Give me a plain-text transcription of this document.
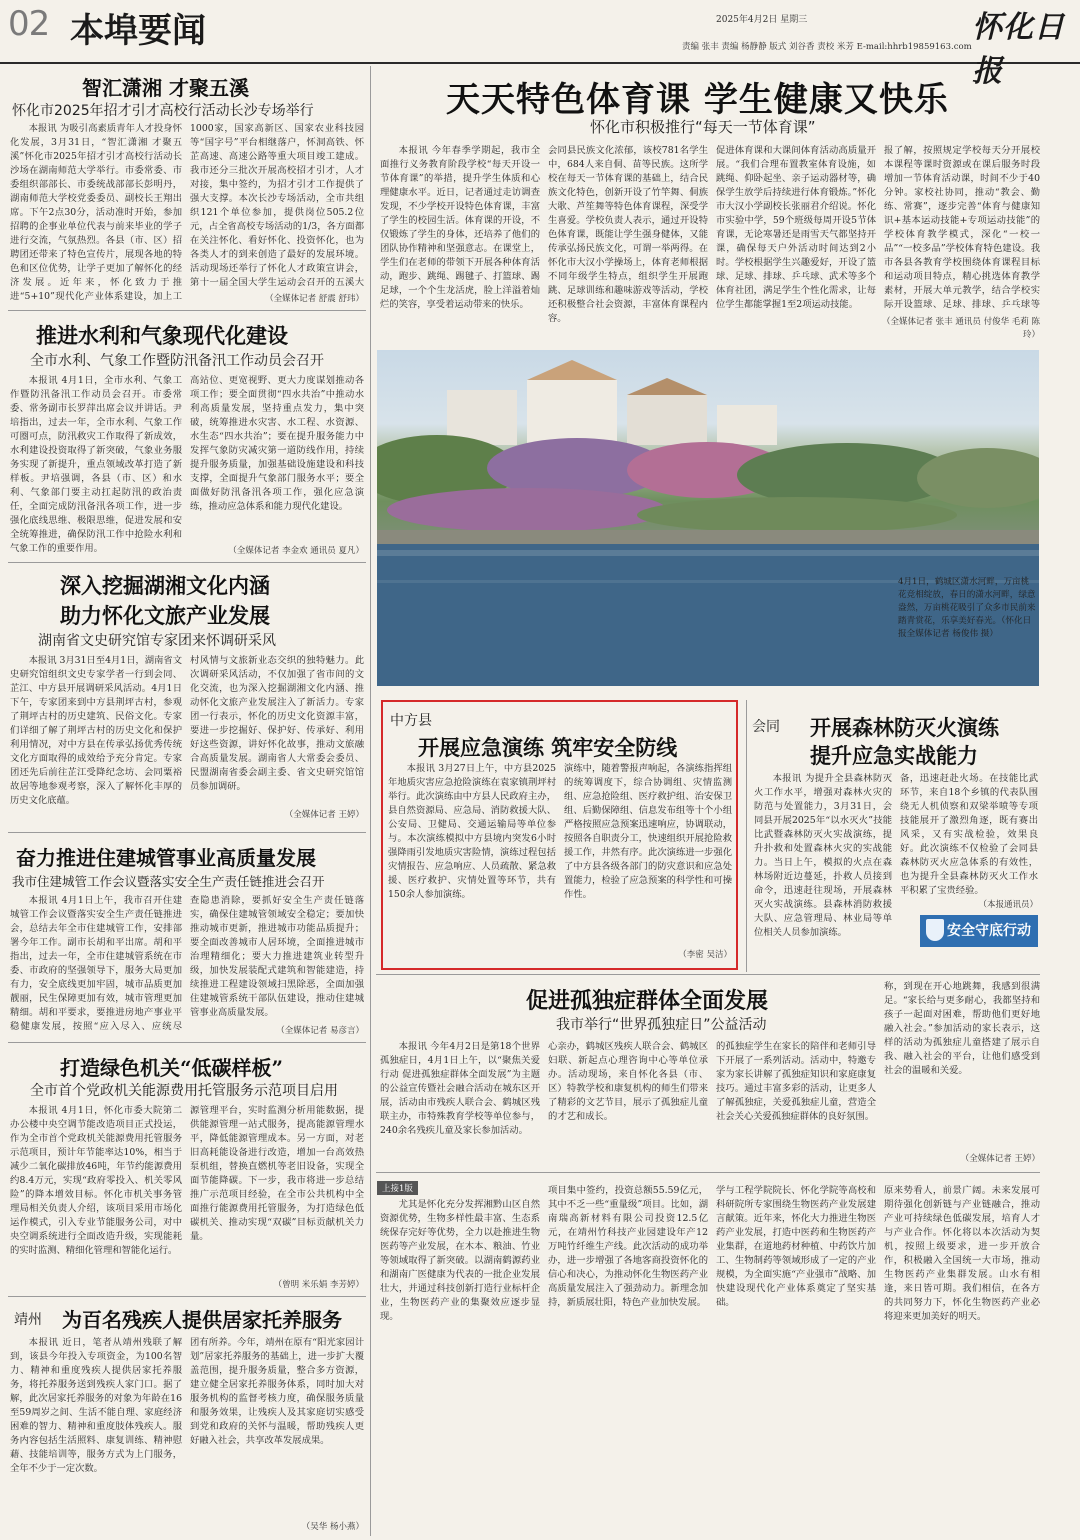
02 本埠要闻	2025年4月2日 星期三
责编 张丰 责编 杨静静 版式 刘谷香 责校 米芳 E-mail:hhrb19859163.com
怀化日报
智汇潇湘 才聚五溪
怀化市2025年招才引才高校行活动长沙专场举行

本报讯 为吸引高素质青年人才投身怀化发展，3月31日，“智汇潇湘 才聚五溪”怀化市2025年招才引才高校行活动长沙场在湖南师范大学举行。市委常委、市委组织部部长、市委统战部部长彭明丹，湖南师范大学校党委委员、副校长王翔出席。下午2点30分，活动准时开始，参加招聘的企事业单位代表与前来毕业的学子进行交流，气氛热烈。各县（市、区）招聘团还带来了特色宣传片，展现各地的特色和区位优势，让学子更加了解怀化的经济发展。近年来，怀化致力于推进“5+10”现代化产业体系建设，加上工

1000家，国家高新区、国家农业科技园等“国字号”平台相继落户，怀洞高铁、怀芷高速、高速公路等重大项目竣工建成。我市还分三批次开展高校招才引才，人才对接，集中签约，为招才引才工作提供了强大支撑。本次长沙专场活动，全市共组织121个单位参加，提供岗位505.2位元，占全省高校专场活动的1/3，各方面都在关注怀化、看好怀化、投资怀化，也为各类人才的到来创造了最好的发展环境。活动现场还举行了怀化人才政策宣讲会，第十一届全国大学生运动会召开的五溪大

（全媒体记者 舒震 舒玮）
推进水利和气象现代化建设
全市水利、气象工作暨防汛备汛工作动员会召开

本报讯 4月1日，全市水利、气象工作暨防汛备汛工作动员会召开。市委常委、常务副市长罗萍出席会议并讲话。尹培指出，过去一年，全市水利、气象工作可圈可点，防汛救灾工作取得了新成效，水利建设投资取得了新突破，气象业务服务实现了新提升，重点领域改革打造了新样板。尹培强调，各县（市、区）和水利、气象部门要主动扛起防汛的政治责任，全面完成防汛备汛各项工作，进一步强化底线思维、极限思维，促进发展和安全统筹推进，确保防汛工作中抢险水利和气象工作的重要作用。

高站位、更宽视野、更大力度谋划推动各项工作；要全面贯彻“四水共治”中推动水利高质量发展，坚持重点发力，集中突破，统筹推进水灾害、水工程、水资源、水生态“四水共治”；要在提升服务能力中发挥气象防灾减灾第一道防线作用，持续提升服务质量，加强基础设施建设和科技支撑，全面提升气象部门服务水平；要全面做好防汛备汛各项工作，强化应急演练，推动应急体系和能力现代化建设。

（全媒体记者 李金欢 通讯员 夏凡）
深入挖掘湖湘文化内涵
助力怀化文旅产业发展
湖南省文史研究馆专家团来怀调研采风

本报讯 3月31日至4月1日，湖南省文史研究馆组织文史专家学者一行到会同、芷江、中方县开展调研采风活动。4月1日下午，专家团来到中方县荆坪古村，参观了荆坪古村的历史建筑、民俗文化。专家们详细了解了荆坪古村的历史文化和保护利用情况，对中方县在传承弘扬优秀传统文化方面取得的成效给予充分肯定。专家团还先后前往芷江受降纪念坊、会同粟裕故居等地参观考察，深入了解怀化丰厚的历史文化底蕴。

村风情与文旅新业态交织的独特魅力。此次调研采风活动，不仅加强了省市间的文化交流，也为深入挖掘湖湘文化内涵、推动怀化文旅产业发展注入了新活力。专家团一行表示，怀化的历史文化资源丰富，要进一步挖掘好、保护好、传承好、利用好这些资源，讲好怀化故事，推动文旅融合高质量发展。湖南省人大常委会委员、民盟湖南省委会副主委、省文史研究馆馆员参加调研。

（全媒体记者 王婷）
奋力推进住建城管事业高质量发展
我市住建城管工作会议暨落实安全生产责任链推进会召开

本报讯 4月1日上午，我市召开住建城管工作会议暨落实安全生产责任链推进会，总结去年全市住建城管工作，安排部署今年工作。副市长胡和平出席。胡和平指出，过去一年，全市住建城管系统在市委、市政府的坚强领导下，服务大局更加有力，安全底线更加牢固，城市品质更加靓丽，民生保障更加有效，城市管理更加精细。胡和平要求，要推进房地产事业平稳健康发展，按照“应入尽入、应统尽

查隐患消除，要抓好安全生产责任链落实，确保住建城管领域安全稳定；要加快推动城市更新，推进城市功能品质提升；要全面改善城市人居环境，全面推进城市治理精细化；要大力推进建筑业转型升级，加快发展装配式建筑和智能建造，持续推进工程建设领域扫黑除恶，全面加强住建城管系统干部队伍建设，推动住建城管事业高质量发展。

（全媒体记者 易彦言）
打造绿色机关“低碳样板”
全市首个党政机关能源费用托管服务示范项目启用

本报讯 4月1日，怀化市委大院第二办公楼中央空调节能改造项目正式投运，作为全市首个党政机关能源费用托管服务示范项目，预计年节能率达10%，相当于减少二氧化碳排放46吨，年节约能源费用约8.4万元，实现“政府零投入、机关零风险”的降本增效目标。怀化市机关事务管理局相关负责人介绍，该项目采用市场化运作模式，引入专业节能服务公司，对中央空调系统进行全面改造升级，实现能耗的实时监测、精细化管理和智能化运行。

源管理平台，实时监测分析用能数据，提供能源管理一站式服务，提高能源管理水平，降低能源管理成本。另一方面，对老旧高耗能设备进行改造，增加一台高效热泵机组，替换直燃机等老旧设备，实现全面节能降碳。下一步，我市将进一步总结推广示范项目经验，在全市公共机构中全面推行能源费用托管服务，为打造绿色低碳机关、推动实现“双碳”目标贡献机关力量。

（曾明 米乐娟 李芳婷）
靖州 为百名残疾人提供居家托养服务

本报讯 近日，笔者从靖州残联了解到，该县今年投入专项资金，为100名智力、精神和重度残疾人提供居家托养服务，将托养服务送到残疾人家门口。据了解，此次居家托养服务的对象为年龄在16至59周岁之间、生活不能自理、家庭经济困难的智力、精神和重度肢体残疾人。服务内容包括生活照料、康复训练、精神慰藉、技能培训等，服务方式为上门服务，全年不少于一定次数。

团有所养。今年，靖州在原有“阳光家园计划”居家托养服务的基础上，进一步扩大覆盖范围，提升服务质量，整合多方资源，建立健全居家托养服务体系，同时加大对服务机构的监督考核力度，确保服务质量和服务效果，让残疾人及其家庭切实感受到党和政府的关怀与温暖，帮助残疾人更好融入社会，共享改革发展成果。

（吴华 杨小燕）
天天特色体育课 学生健康又快乐
怀化市积极推行“每天一节体育课”

本报讯 今年春季学期起，我市全面推行义务教育阶段学校“每天开设一节体育课”的举措，提升学生体质和心理健康水平。近日，记者通过走访调查发现，不少学校开设特色体育课，丰富了学生的校园生活。体育课的开设，不仅锻炼了学生的身体，还培养了他们的团队协作精神和坚强意志。在课堂上，学生们在老师的带领下开展各种体育活动，跑步、跳绳、踢毽子、打篮球、踢足球，一个个生龙活虎，脸上洋溢着灿烂的笑容，享受着运动带来的快乐。

会同县民族文化浓郁，该校781名学生中，684人来自侗、苗等民族。这所学校在每天一节体育课的基础上，结合民族文化特色，创新开设了竹竿舞、侗族大歌、芦笙舞等特色体育课程，深受学生喜爱。学校负责人表示，通过开设特色体育课，既能让学生强身健体，又能传承弘扬民族文化，可谓一举两得。在怀化市大汉小学操场上，体育老师根据不同年级学生特点，组织学生开展跑跳、足球训练和趣味游戏等活动，学校还积极整合社会资源，丰富体育课程内容。

促进体育课和大课间体育活动高质量开展。“我们合理布置教室体育设施，如跳绳、仰卧起坐、亲子运动器材等，确保学生放学后持续进行体育锻炼。”怀化市大汉小学副校长张丽君介绍说。怀化市实验中学，59个班级每周开设5节体育课，无论寒暑还是雨雪天气都坚持开课，确保每天户外活动时间达到2小时。学校根据学生兴趣爱好，开设了篮球、足球、排球、乒乓球、武术等多个体育社团，满足学生个性化需求，让每位学生都能掌握1至2项运动技能。

报了解，按照规定学校每天分开展校本课程等课时资源或在课后服务时段增加一节体育活动课，时间不少于40分钟。家校社协同，推动“教会、勤练、常赛”，逐步完善“体育与健康知识+基本运动技能+专项运动技能”的学校体育教学模式，深化“一校一品”“一校多品”学校体育特色建设。我市各县各教育学校围绕体育课程目标和运动项目特点，精心挑选体育教学素材，开展大单元教学，结合学校实际开设篮球、足球、排球、乒乓球等

（全媒体记者 张丰 通讯员 付俊华 毛莉 陈玲）
4月1日，鹤城区潇水河畔，万亩桃花竞相绽放，春日的潇水河畔，绿意盎然，万亩桃花吸引了众多市民前来踏青赏花，乐享美好春光。（怀化日报全媒体记者 杨俊伟 摄）
中方县
开展应急演练 筑牢安全防线

本报讯 3月27日上午，中方县2025年地质灾害应急抢险演练在袁家镇荆坪村举行。此次演练由中方县人民政府主办，县自然资源局、应急局、消防救援大队、公安局、卫健局、交通运输局等单位参与。本次演练模拟中方县境内突发6小时强降雨引发地质灾害险情，演练过程包括灾情报告、应急响应、人员疏散、紧急救援、医疗救护、灾情处置等环节，共有150余人参加演练。

演练中，随着警报声响起，各演练指挥组的统筹调度下，综合协调组、灾情监测组、应急抢险组、医疗救护组、治安保卫组、后勤保障组、信息发布组等十个小组严格按照应急预案迅速响应，协调联动，按照各自职责分工，快速组织开展抢险救援工作，井然有序。此次演练进一步强化了中方县各级各部门的防灾意识和应急处置能力，检验了应急预案的科学性和可操作性。

（李密 吴洁）
会同 开展森林防灭火演练
提升应急实战能力

本报讯 为提升全县森林防灭火工作水平，增强对森林火灾的防范与处置能力，3月31日，会同县开展2025年“以水灭火”技能比武暨森林防灭火实战演练，提升扑救和处置森林火灾的实战能力。当日上午，模拟的火点在森林场附近边蔓延，扑救人员接到命令，迅速赶往现场，开展森林灭火实战演练。县森林消防救援大队、应急管理局、林业局等单位相关人员参加演练。

备，迅速赶赴火场。在技能比武环节，来自18个乡镇的代表队围绕无人机侦察和双梁举喷等专项技能展开了激烈角逐，既有赛出风采，又有实战检验，效果良好。此次演练不仅检验了会同县森林防灭火应急体系的有效性，也为提升全县森林防灭火工作水平积累了宝贵经验。

（本报通讯员）
安全守底行动
促进孤独症群体全面发展
我市举行“世界孤独症日”公益活动

本报讯 今年4月2日是第18个世界孤独症日，4月1日上午，以“聚焦关爱行动 促进孤独症群体全面发展”为主题的公益宣传暨社会融合活动在城东区开展，活动由市残疾人联合会、鹤城区残联主办，市特殊教育学校等单位参与，240余名残疾儿童及家长参加活动。

心亲办，鹤城区残疾人联合会、鹤城区妇联、新起点心理咨询中心等单位承办。活动现场，来自怀化各县（市、区）特教学校和康复机构的师生们带来了精彩的文艺节目，展示了孤独症儿童的才艺和成长。

的孤独症学生在家长的陪伴和老师引导下开展了一系列活动。活动中，特邀专家为家长讲解了孤独症知识和家庭康复技巧。通过丰富多彩的活动，让更多人了解孤独症，关爱孤独症儿童，营造全社会关心关爱孤独症群体的良好氛围。

称，到现在开心地跳舞，我感到很满足。“家长给与更多耐心，我都坚持和孩子一起面对困难，帮助他们更好地融入社会。”参加活动的家长表示，这样的活动为孤独症儿童搭建了展示自我、融入社会的平台，让他们感受到社会的温暖和关爱。

（全媒体记者 王婷）
上接1版

尤其是怀化充分发挥湘黔山区自然资源优势，生物多样性最丰富、生态系统保存完好等优势，全力以赴推进生物医药等产业发展，在木本、粮油、竹业等领域取得了新突破。以湖南鹤源药业和湖南广医健康为代表的一批企业发展壮大，并通过科技创新打造行业标杆企业，生物医药产业的集聚效应逐步显现。

项目集中签约，投资总额55.59亿元，其中不乏一些“重量级”项目。比如，湖南瑞高新材料有限公司投资12.5亿元，在靖州竹科技产业园建设年产12万吨竹纤维生产线。此次活动的成功举办，进一步增强了各地客商投资怀化的信心和决心，为推动怀化生物医药产业高质量发展注入了强劲动力。新理念加持，新质展壮阳，特色产业加快发展。

学与工程学院院长、怀化学院等高校和科研院所专家围绕生物医药产业发展建言献策。近年来，怀化大力推进生物医药产业发展，打造中医药和生物医药产业集群，在道地药材种植、中药饮片加工、生物制药等领域形成了一定的产业规模，为全面实施“产业强市”战略、加快建设现代化产业体系奠定了坚实基础。

原来势看人，前景广阔。未来发展可期待强化创新链与产业链融合，推动产业可持续绿色低碳发展，培育人才与产业合作。怀化将以本次活动为契机，按照上级要求，进一步开放合作，积极融入全国统一大市场，推动生物医药产业集群发展。山水有相逢，来日皆可期。我们相信，在各方的共同努力下，怀化生物医药产业必将迎来更加美好的明天。
